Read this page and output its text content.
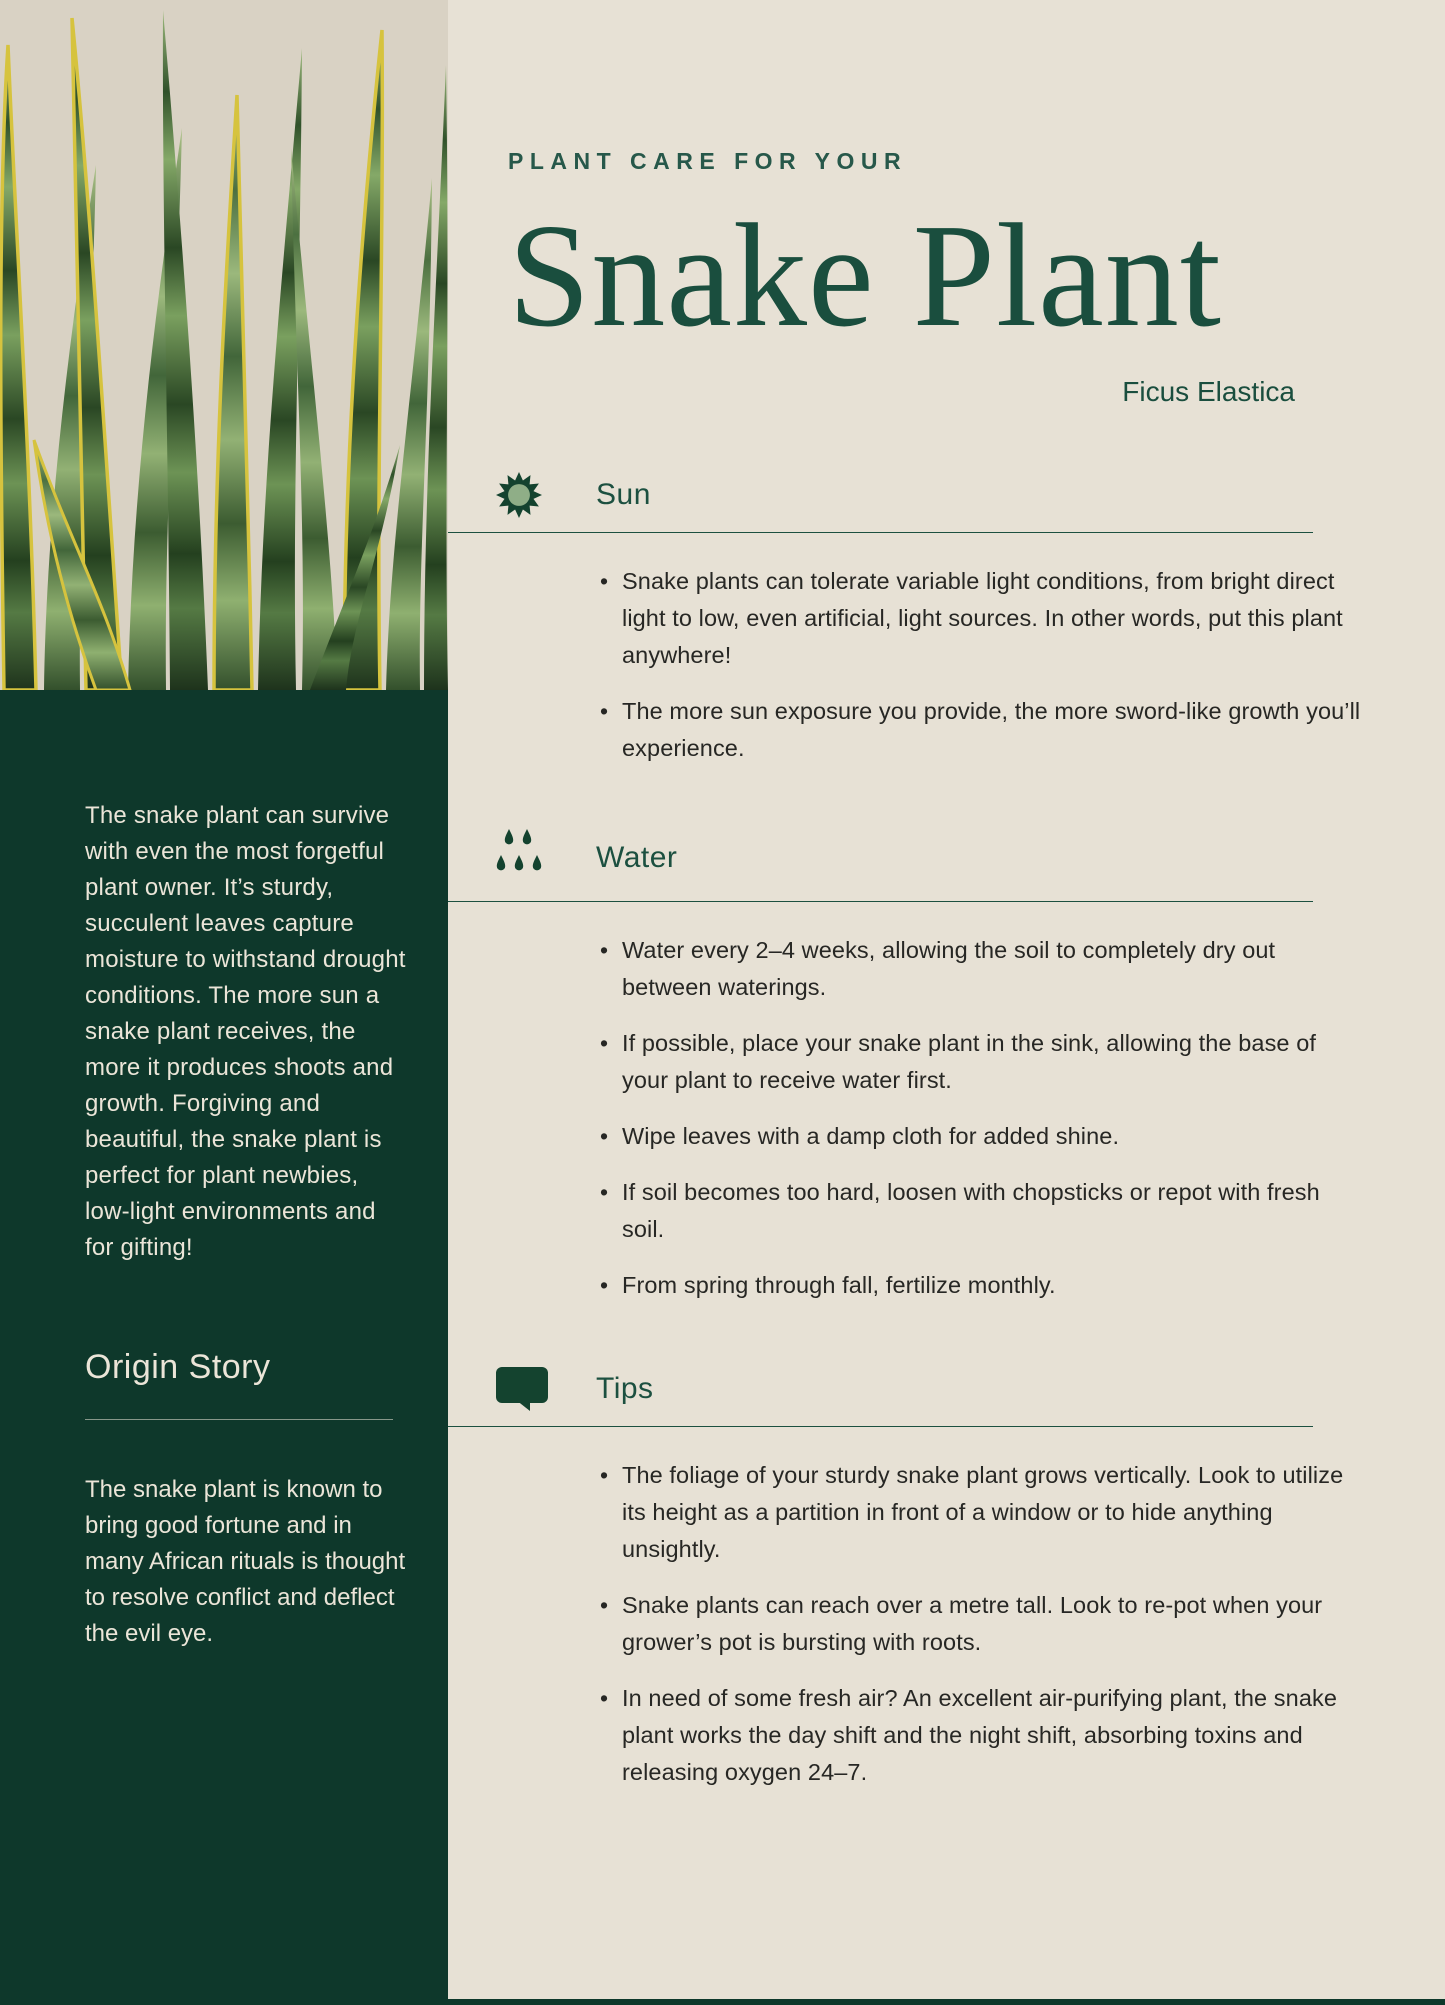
The snake plant can survive with even the most forgetful plant owner. It’s sturdy, succulent leaves capture moisture to withstand drought conditions. The more sun a snake plant receives, the more it produces shoots and growth. Forgiving and beautiful, the snake plant is perfect for plant newbies, low-light environments and for gifting!

Origin Story

The snake plant is known to bring good fortune and in many African rituals is thought to resolve conflict and deflect the evil eye.

PLANT CARE FOR YOUR
Snake Plant
Ficus Elastica
Sun
• Snake plants can tolerate variable light conditions, from bright direct light to low, even artificial, light sources. In other words, put this plant anywhere!
• The more sun exposure you provide, the more sword-like growth you’ll experience.
Water
• Water every 2–4 weeks, allowing the soil to completely dry out between waterings.
• If possible, place your snake plant in the sink, allowing the base of your plant to receive water first.
• Wipe leaves with a damp cloth for added shine.
• If soil becomes too hard, loosen with chopsticks or repot with fresh soil.
• From spring through fall, fertilize monthly.
Tips
• The foliage of your sturdy snake plant grows vertically. Look to utilize its height as a partition in front of a window or to hide anything unsightly.
• Snake plants can reach over a metre tall. Look to re-pot when your grower’s pot is bursting with roots.
• In need of some fresh air? An excellent air-purifying plant, the snake plant works the day shift and the night shift, absorbing toxins and releasing oxygen 24–7.
